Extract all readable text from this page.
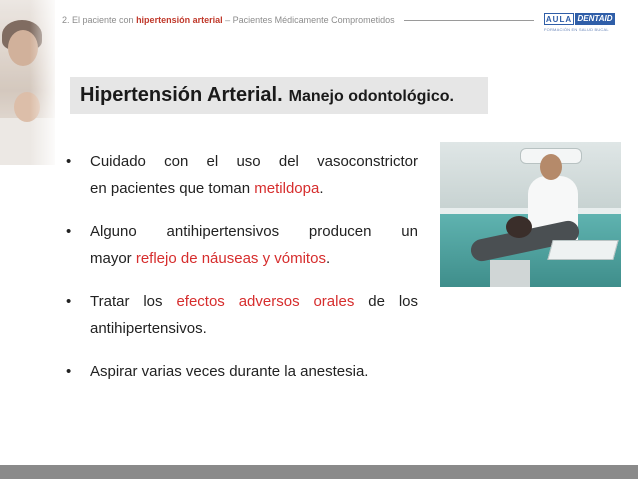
2. El paciente con hipertensión arterial – Pacientes Médicamente Comprometidos	AULA DENTAID
FORMACIÓN EN SALUD BUCAL
Hipertensión Arterial. Manejo odontológico.
• Cuidado con el uso del vasoconstrictor
en pacientes que toman metildopa.
• Alguno antihipertensivos producen un
mayor reflejo de náuseas y vómitos.
• Tratar los efectos adversos orales de los
antihipertensivos.
• Aspirar varias veces durante la anestesia.
